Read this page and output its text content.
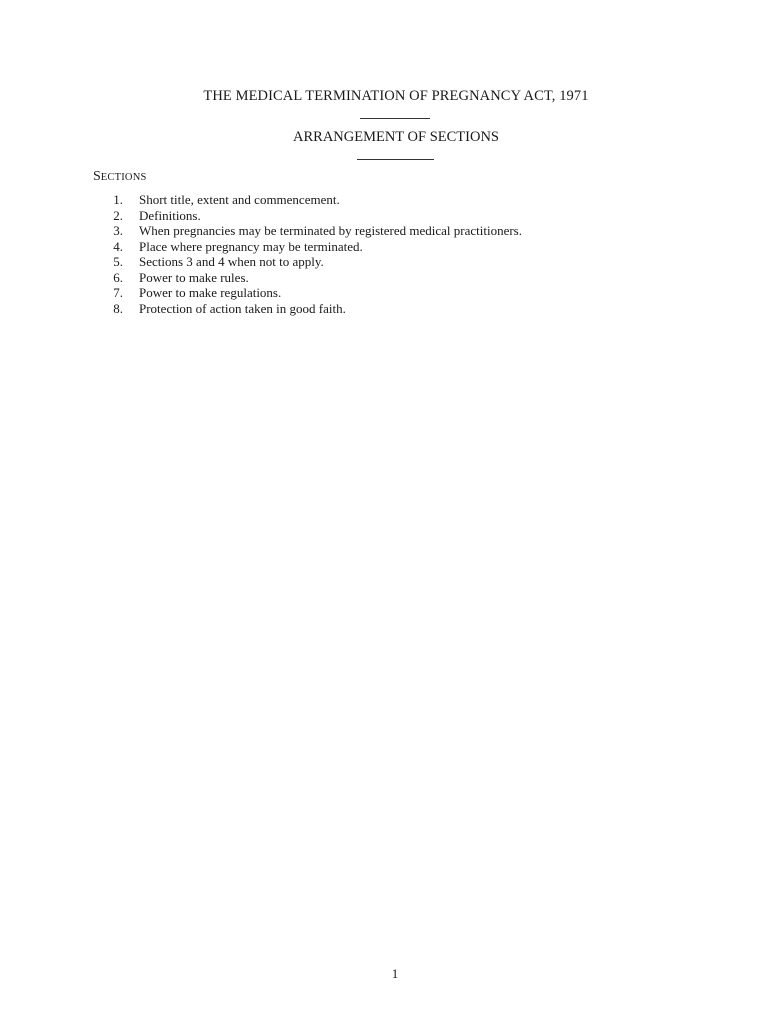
THE MEDICAL TERMINATION OF PREGNANCY ACT, 1971
ARRANGEMENT OF SECTIONS
SECTIONS
1. Short title, extent and commencement.
2. Definitions.
3. When pregnancies may be terminated by registered medical practitioners.
4. Place where pregnancy may be terminated.
5. Sections 3 and 4 when not to apply.
6. Power to make rules.
7. Power to make regulations.
8. Protection of action taken in good faith.
1
